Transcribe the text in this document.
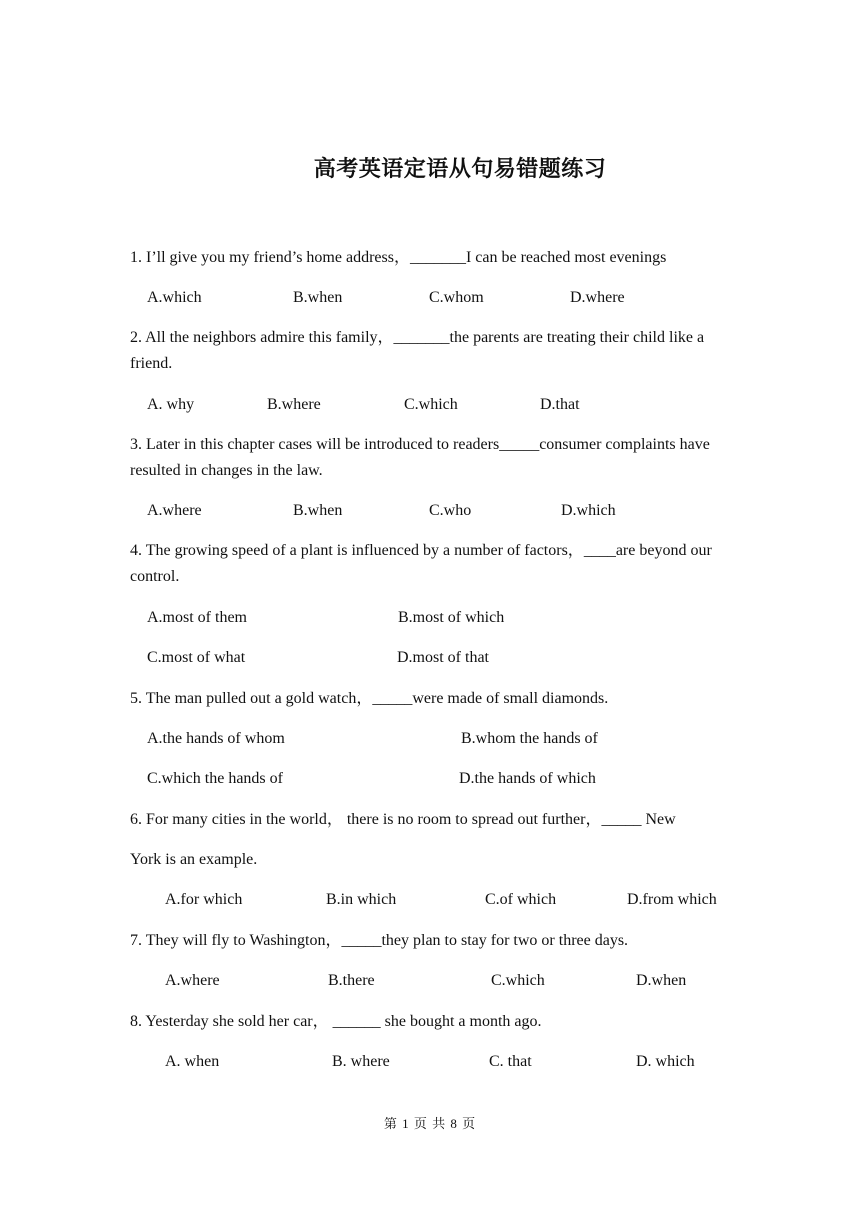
高考英语定语从句易错题练习
1. I’ll give you my friend’s home address，_______I can be reached most evenings
A.which	B.when	C.whom	D.where
2. All the neighbors admire this family，_______the parents are treating their child like a friend.
A. why	B.where	C.which	D.that
3. Later in this chapter cases will be introduced to readers_____consumer complaints have resulted in changes in the law.
A.where	B.when	C.who	D.which
4. The growing speed of a plant is influenced by a number of factors，____are beyond our control.
A.most of them	B.most of which
C.most of what	D.most of that
5. The man pulled out a gold watch，_____were made of small diamonds.
A.the hands of whom	B.whom the hands of
C.which the hands of	D.the hands of which
6. For many cities in the world， there is no room to spread out further，_____ New
York is an example.
A.for which	B.in which	C.of which	D.from which
7. They will fly to Washington，_____they plan to stay for two or three days.
A.where	B.there	C.which	D.when
8. Yesterday she sold her car， ______ she bought a month ago.
A. when	B. where	C. that	D. which
第 1 页 共 8 页
